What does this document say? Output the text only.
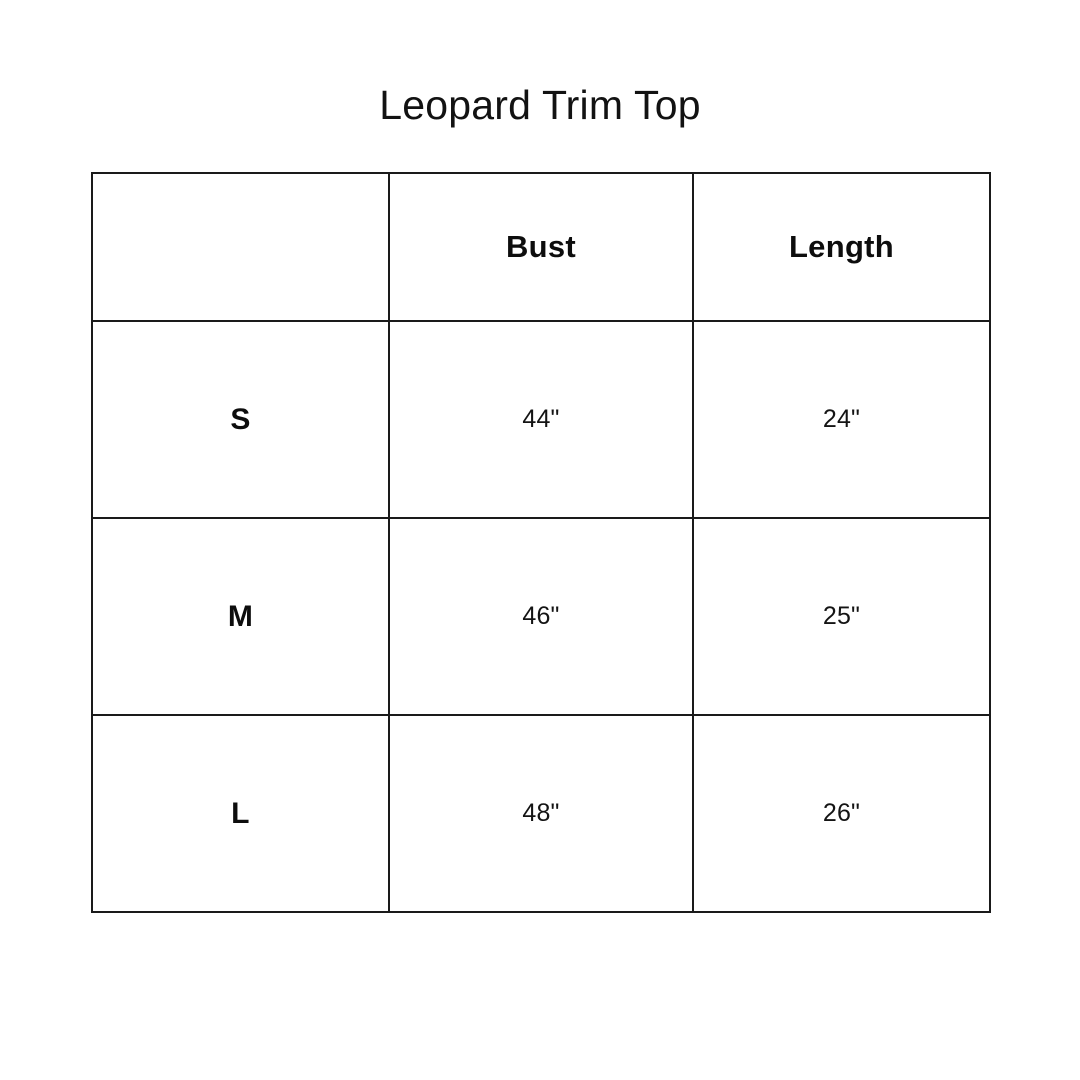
Leopard Trim Top
	Bust	Length
S	44"	24"
M	46"	25"
L	48"	26"
